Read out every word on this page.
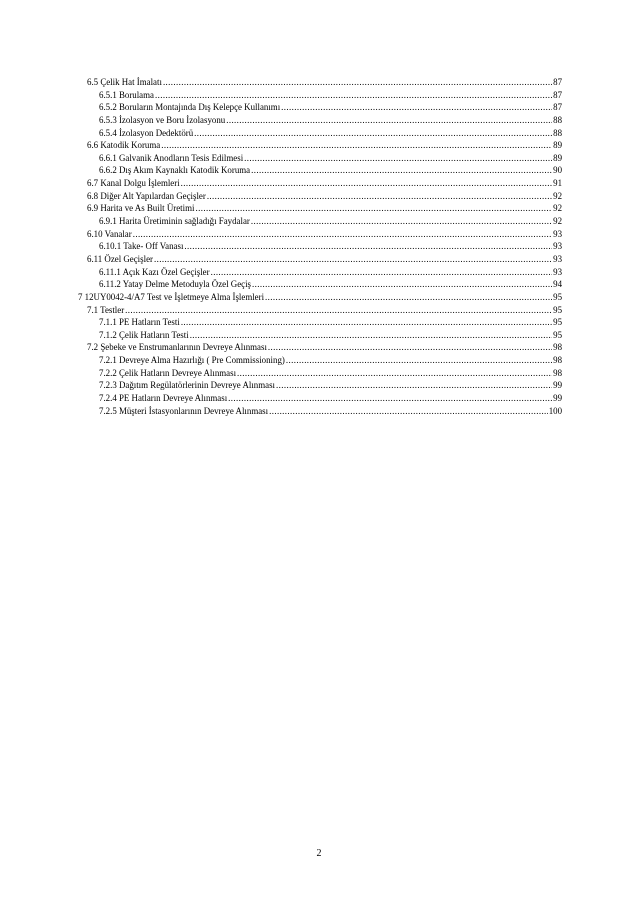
6.5 Çelik Hat İmalatı .....	87
6.5.1 Borulama .....	87
6.5.2 Boruların Montajında Dış Kelepçe Kullanımı .....	87
6.5.3 İzolasyon ve Boru İzolasyonu .....	88
6.5.4 İzolasyon Dedektörü .....	88
6.6 Katodik Koruma .....	89
6.6.1 Galvanik Anodların Tesis Edilmesi .....	89
6.6.2 Dış Akım Kaynaklı Katodik Koruma .....	90
6.7 Kanal Dolgu İşlemleri .....	91
6.8 Diğer Alt Yapılardan Geçişler .....	92
6.9 Harita ve As Built Üretimi .....	92
6.9.1 Harita Üretiminin sağladığı Faydalar .....	92
6.10 Vanalar .....	93
6.10.1 Take- Off Vanası .....	93
6.11 Özel Geçişler .....	93
6.11.1 Açık Kazı Özel Geçişler .....	93
6.11.2 Yatay Delme Metoduyla Özel Geçiş .....	94
7 12UY0042-4/A7 Test ve İşletmeye Alma İşlemleri .....	95
7.1 Testler .....	95
7.1.1 PE Hatların Testi .....	95
7.1.2 Çelik Hatların Testi .....	95
7.2 Şebeke ve Enstrumanlarının Devreye Alınması .....	98
7.2.1 Devreye Alma Hazırlığı ( Pre Commissioning) .....	98
7.2.2 Çelik Hatların Devreye Alınması .....	98
7.2.3 Dağıtım Regülatörlerinin Devreye Alınması .....	99
7.2.4 PE Hatların Devreye Alınması .....	99
7.2.5 Müşteri İstasyonlarının Devreye Alınması .....	100
2
